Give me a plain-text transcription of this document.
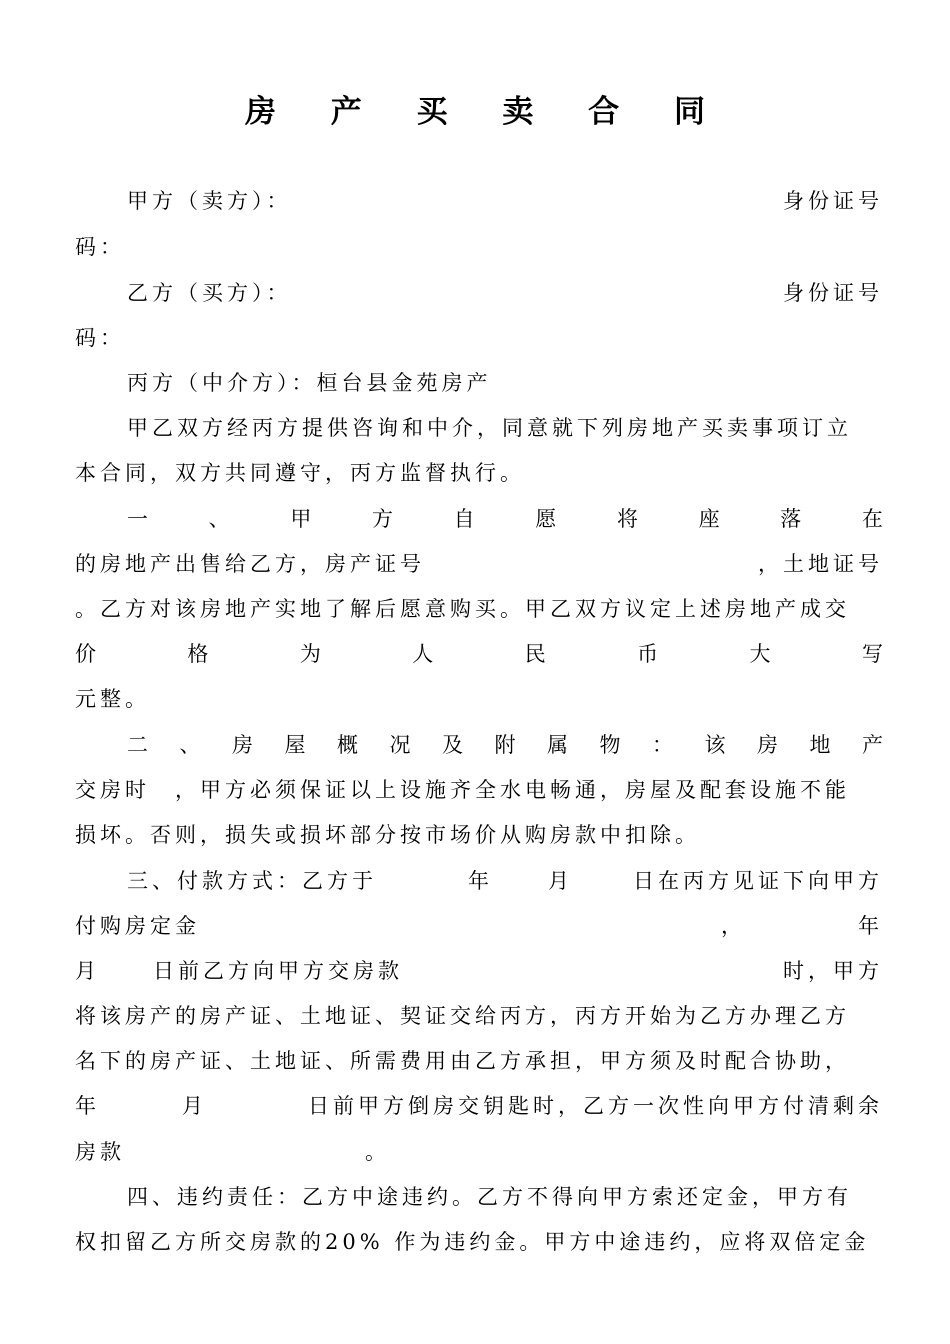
房 产 买 卖 合 同
甲方（卖方）：	身份证号
码：
乙方（买方）：	身份证号
码：
丙方（中介方）：桓台县金苑房产
甲乙双方经丙方提供咨询和中介，同意就下列房地产买卖事项订立
本合同，双方共同遵守，丙方监督执行。
一	、	甲	方	自	愿	将	座	落	在
的房地产出售给乙方，房产证号	，土地证号
。乙方对该房地产实地了解后愿意购买。甲乙双方议定上述房地产成交
价	格	为	人	民	币	大	写
元整。
二 、 房 屋 概 况 及 附 属 物 ： 该 房 地 产
交房时　，甲方必须保证以上设施齐全水电畅通，房屋及配套设施不能
损坏。否则，损失或损坏部分按市场价从购房款中扣除。
三、付款方式：乙方于	年	月	日在丙方见证下向甲方
付购房定金	，	年
月	日前乙方向甲方交房款	时，甲方
将该房产的房产证、土地证、契证交给丙方，丙方开始为乙方办理乙方
名下的房产证、土地证、所需费用由乙方承担，甲方须及时配合协助，
年	月	日前甲方倒房交钥匙时，乙方一次性向甲方付清剩余
房款	。
四、违约责任：乙方中途违约。乙方不得向甲方索还定金，甲方有
权扣留乙方所交房款的20% 作为违约金。甲方中途违约，应将双倍定金
